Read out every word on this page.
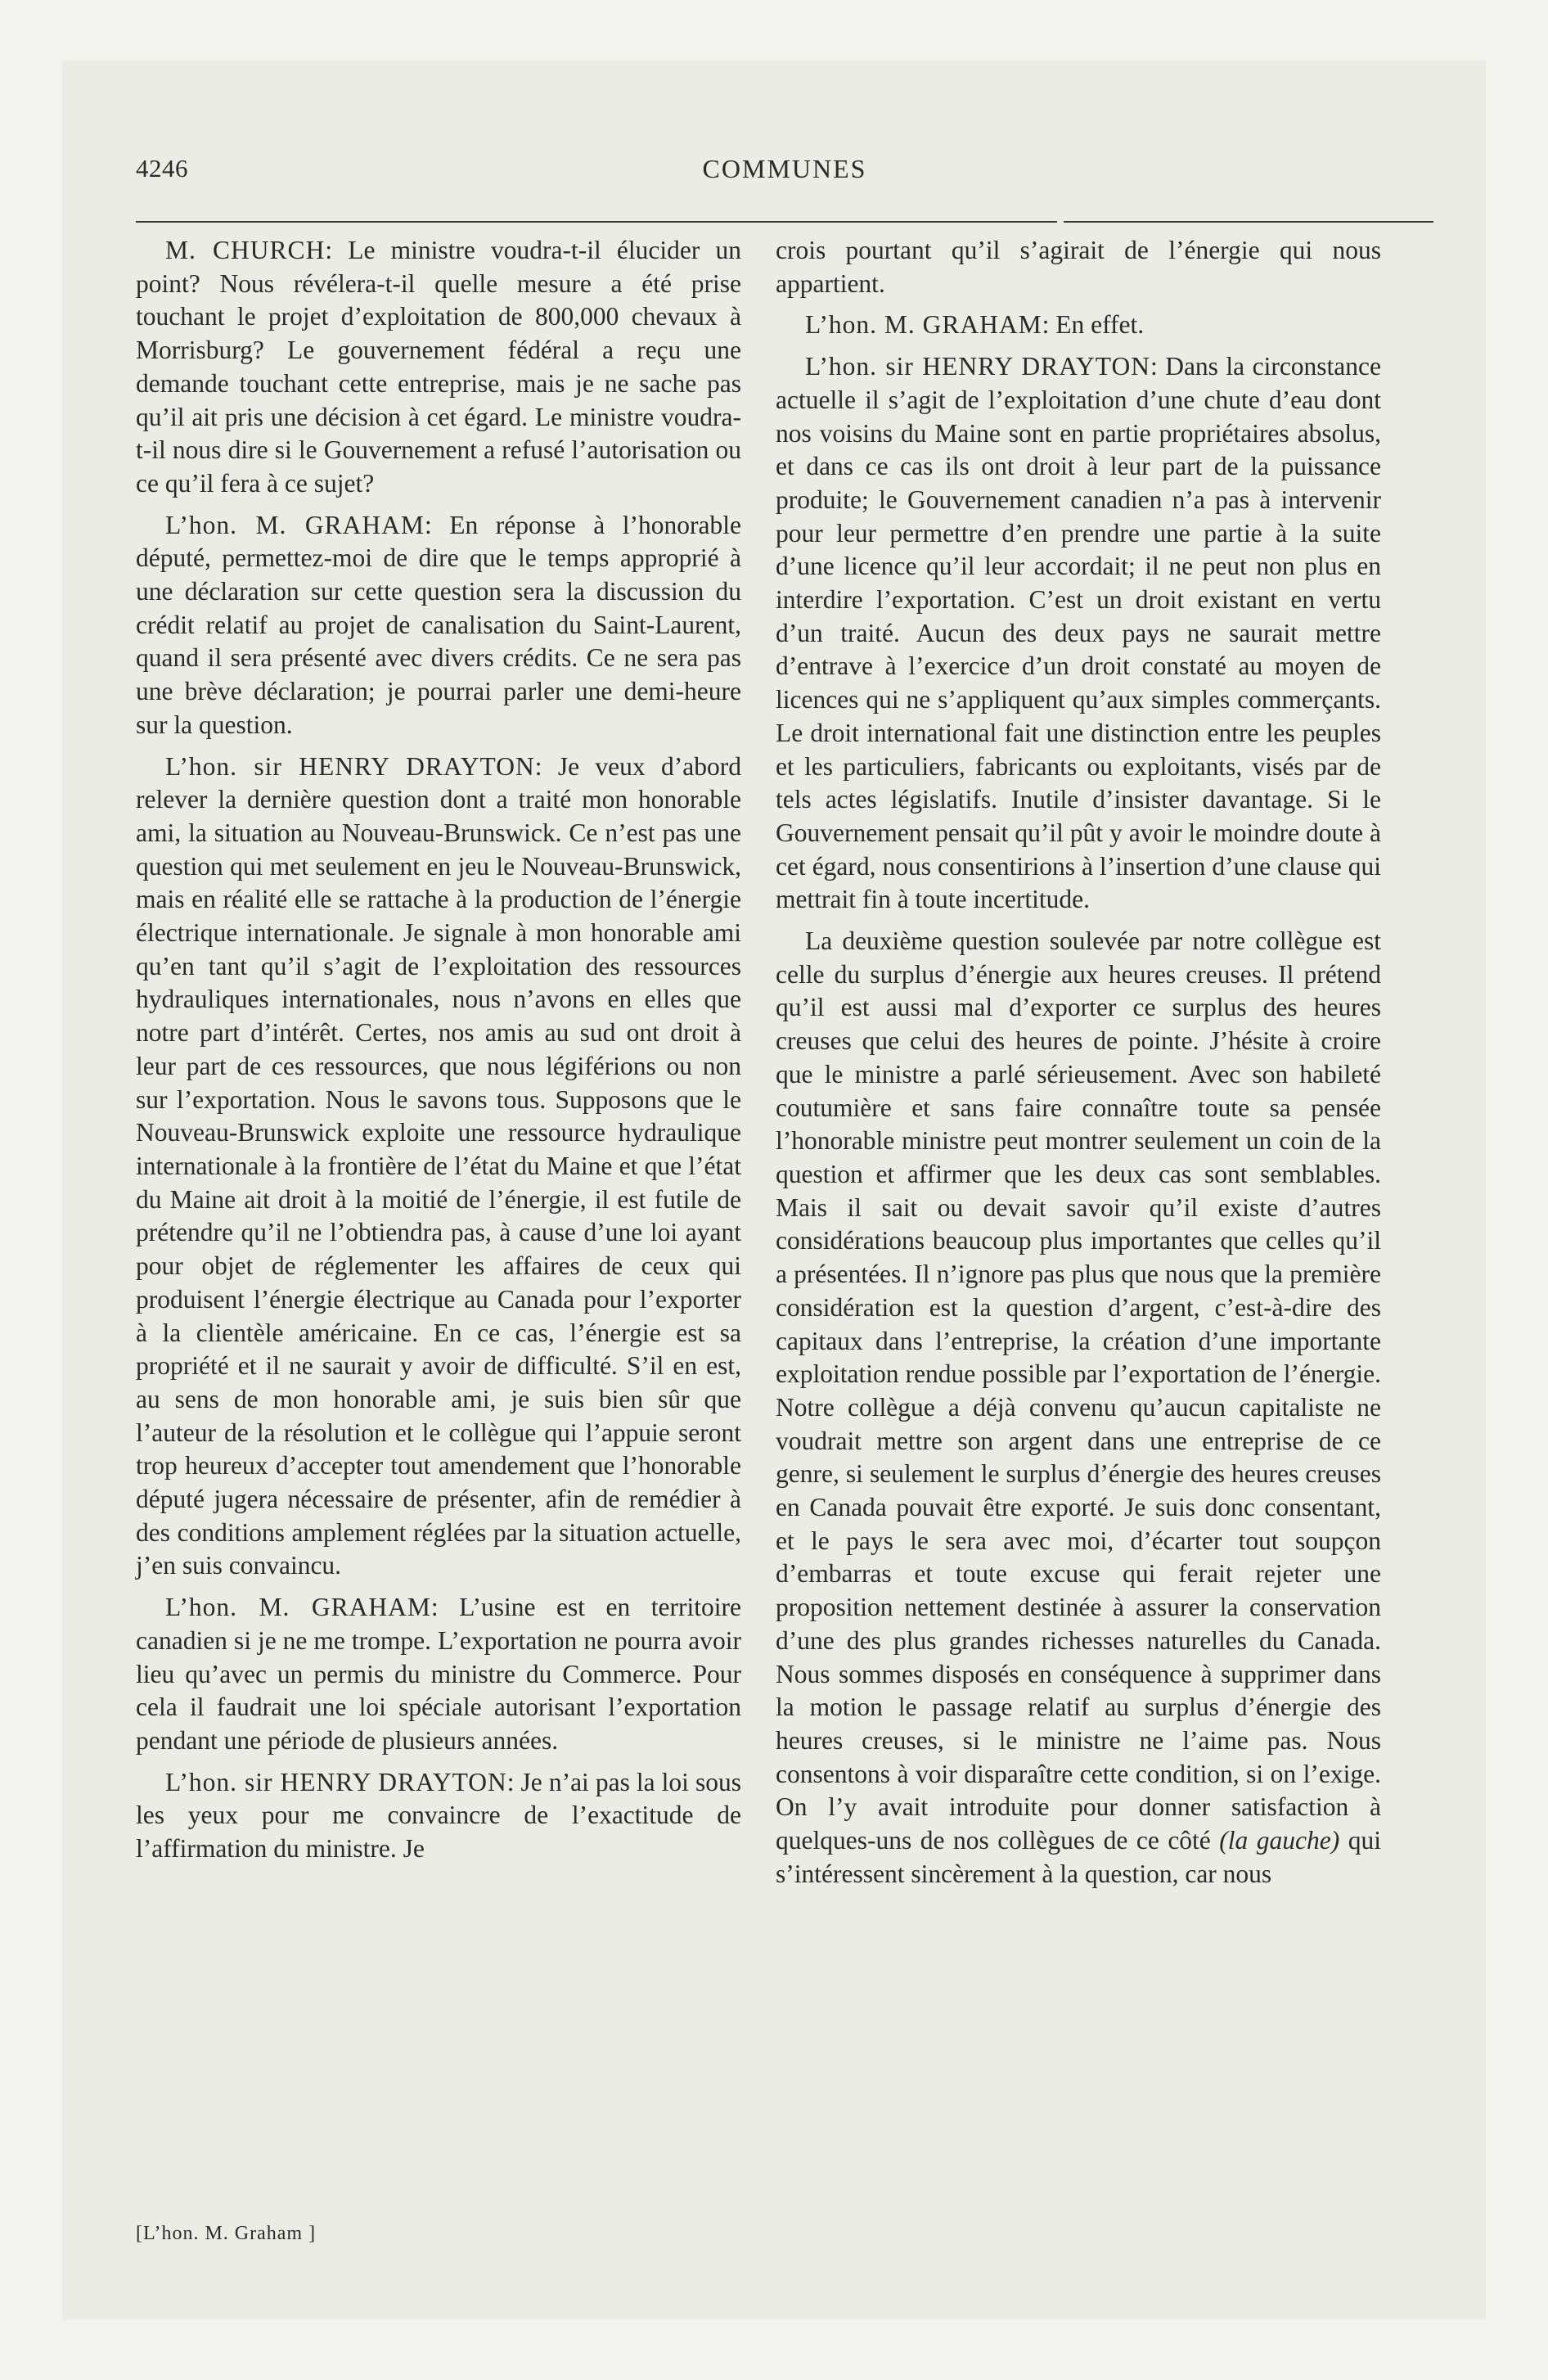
4246	COMMUNES

M. CHURCH: Le ministre voudra-t-il élucider un point? Nous révélera-t-il quelle mesure a été prise touchant le projet d’exploitation de 800,000 chevaux à Morrisburg? Le gouvernement fédéral a reçu une demande touchant cette entreprise, mais je ne sache pas qu’il ait pris une décision à cet égard. Le ministre voudra-t-il nous dire si le Gouvernement a refusé l’autorisation ou ce qu’il fera à ce sujet?

L’hon. M. GRAHAM: En réponse à l’honorable député, permettez-moi de dire que le temps approprié à une déclaration sur cette question sera la discussion du crédit relatif au projet de canalisation du Saint-Laurent, quand il sera présenté avec divers crédits. Ce ne sera pas une brève déclaration; je pourrai parler une demi-heure sur la question.

L’hon. sir HENRY DRAYTON: Je veux d’abord relever la dernière question dont a traité mon honorable ami, la situation au Nouveau-Brunswick. Ce n’est pas une question qui met seulement en jeu le Nouveau-Brunswick, mais en réalité elle se rattache à la production de l’énergie électrique internationale. Je signale à mon honorable ami qu’en tant qu’il s’agit de l’exploitation des ressources hydrauliques internationales, nous n’avons en elles que notre part d’intérêt. Certes, nos amis au sud ont droit à leur part de ces ressources, que nous légiférions ou non sur l’exportation. Nous le savons tous. Supposons que le Nouveau-Brunswick exploite une ressource hydraulique internationale à la frontière de l’état du Maine et que l’état du Maine ait droit à la moitié de l’énergie, il est futile de prétendre qu’il ne l’obtiendra pas, à cause d’une loi ayant pour objet de réglementer les affaires de ceux qui produisent l’énergie électrique au Canada pour l’exporter à la clientèle américaine. En ce cas, l’énergie est sa propriété et il ne saurait y avoir de difficulté. S’il en est, au sens de mon honorable ami, je suis bien sûr que l’auteur de la résolution et le collègue qui l’appuie seront trop heureux d’accepter tout amendement que l’honorable député jugera nécessaire de présenter, afin de remédier à des conditions amplement réglées par la situation actuelle, j’en suis convaincu.

L’hon. M. GRAHAM: L’usine est en territoire canadien si je ne me trompe. L’exportation ne pourra avoir lieu qu’avec un permis du ministre du Commerce. Pour cela il faudrait une loi spéciale autorisant l’exportation pendant une période de plusieurs années.

L’hon. sir HENRY DRAYTON: Je n’ai pas la loi sous les yeux pour me convaincre de l’exactitude de l’affirmation du ministre. Je

crois pourtant qu’il s’agirait de l’énergie qui nous appartient.

L’hon. M. GRAHAM: En effet.

L’hon. sir HENRY DRAYTON: Dans la circonstance actuelle il s’agit de l’exploitation d’une chute d’eau dont nos voisins du Maine sont en partie propriétaires absolus, et dans ce cas ils ont droit à leur part de la puissance produite; le Gouvernement canadien n’a pas à intervenir pour leur permettre d’en prendre une partie à la suite d’une licence qu’il leur accordait; il ne peut non plus en interdire l’exportation. C’est un droit existant en vertu d’un traité. Aucun des deux pays ne saurait mettre d’entrave à l’exercice d’un droit constaté au moyen de licences qui ne s’appliquent qu’aux simples commerçants. Le droit international fait une distinction entre les peuples et les particuliers, fabricants ou exploitants, visés par de tels actes législatifs. Inutile d’insister davantage. Si le Gouvernement pensait qu’il pût y avoir le moindre doute à cet égard, nous consentirions à l’insertion d’une clause qui mettrait fin à toute incertitude.

La deuxième question soulevée par notre collègue est celle du surplus d’énergie aux heures creuses. Il prétend qu’il est aussi mal d’exporter ce surplus des heures creuses que celui des heures de pointe. J’hésite à croire que le ministre a parlé sérieusement. Avec son habileté coutumière et sans faire connaître toute sa pensée l’honorable ministre peut montrer seulement un coin de la question et affirmer que les deux cas sont semblables. Mais il sait ou devait savoir qu’il existe d’autres considérations beaucoup plus importantes que celles qu’il a présentées. Il n’ignore pas plus que nous que la première considération est la question d’argent, c’est-à-dire des capitaux dans l’entreprise, la création d’une importante exploitation rendue possible par l’exportation de l’énergie. Notre collègue a déjà convenu qu’aucun capitaliste ne voudrait mettre son argent dans une entreprise de ce genre, si seulement le surplus d’énergie des heures creuses en Canada pouvait être exporté. Je suis donc consentant, et le pays le sera avec moi, d’écarter tout soupçon d’embarras et toute excuse qui ferait rejeter une proposition nettement destinée à assurer la conservation d’une des plus grandes richesses naturelles du Canada. Nous sommes disposés en conséquence à supprimer dans la motion le passage relatif au surplus d’énergie des heures creuses, si le ministre ne l’aime pas. Nous consentons à voir disparaître cette condition, si on l’exige. On l’y avait introduite pour donner satisfaction à quelques-uns de nos collègues de ce côté (la gauche) qui s’intéressent sincèrement à la question, car nous

[L’hon. M. Graham ]
